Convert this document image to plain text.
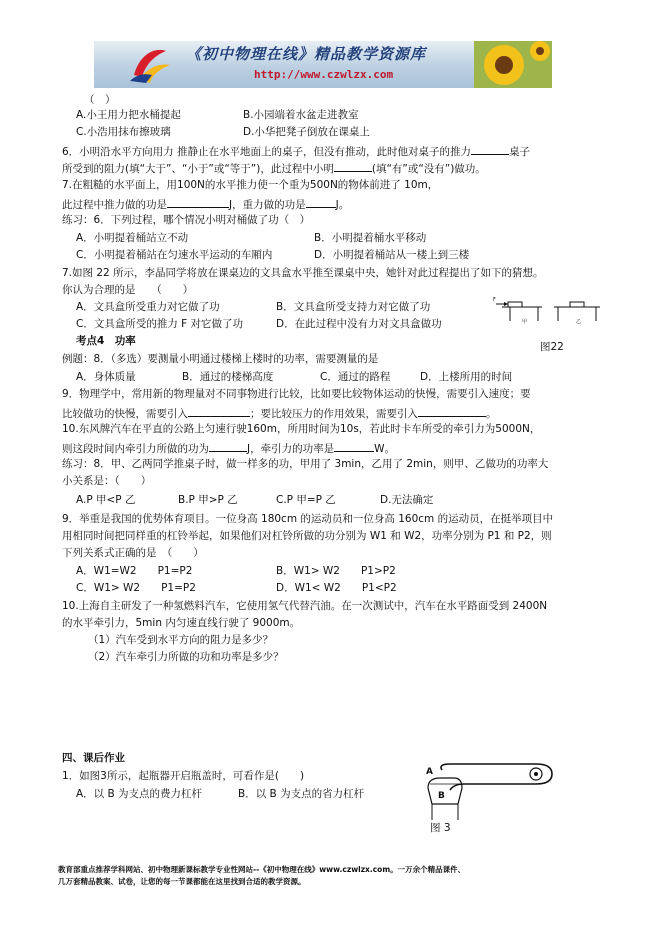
《初中物理在线》精品教学资源库
http://www.czwlzx.com
（　）
A.小王用力把水桶提起	B.小园端着水盆走进教室
C.小浩用抹布擦玻璃	D.小华把凳子倒放在课桌上
6．小明沿水平方向用力 推静止在水平地面上的桌子，但没有推动，此时他对桌子的推力	桌子
所受到的阻力(填“大于”、“小于”或“等于”)，此过程中小明	(填“有”或“没有”)做功。
7.在粗糙的水平面上，用100N的水平推力使一个重为500N的物体前进了 10m，
此过程中推力做的功是	J，重力做的功是	J。
练习：6．下列过程，哪个情况小明对桶做了功（　）
A．小明提着桶站立不动	B．小明提着桶水平移动
C．小明提着桶站在匀速水平运动的车厢内	D．小明提着桶站从一楼上到三楼
7.如图 22 所示，李晶同学将放在课桌边的文具盒水平推至课桌中央，她针对此过程提出了如下的猜想。
你认为合理的是　　（　　）
A．文具盒所受重力对它做了功	B．文具盒所受支持力对它做了功
C．文具盒所受的推力 F 对它做了功	D．在此过程中没有力对文具盒做功
F
甲	乙
考点4　功率	图22
例题：8．（多选）要测量小明通过楼梯上楼时的功率，需要测量的是
A．身体质量	B．通过的楼梯高度	C．通过的路程	D．上楼所用的时间
9．物理学中，常用新的物理量对不同事物进行比较，比如要比较物体运动的快慢，需要引入速度；要
比较做功的快慢，需要引入	；要比较压力的作用效果，需要引入	。
10.东风牌汽车在平直的公路上匀速行驶160m，所用时间为10s，若此时卡车所受的牵引力为5000N，
则这段时间内牵引力所做的功为	J，牵引力的功率是	W。
练习：8．甲、乙两同学推桌子时，做一样多的功，甲用了 3min，乙用了 2min，则甲、乙做功的功率大
小关系是：（　　）
A.P 甲<P 乙	B.P 甲>P 乙	C.P 甲=P 乙	D.无法确定
9．举重是我国的优势体育项目。一位身高 180cm 的运动员和一位身高 160cm 的运动员，在挺举项目中
用相同时间把同样重的杠铃举起，如果他们对杠铃所做的功分别为 W1 和 W2，功率分别为 P1 和 P2，则
下列关系式正确的是　（　　）
A．W1=W2　　P1=P2	B．W1> W2　　P1>P2
C．W1> W2　　P1=P2	D．W1< W2　　P1<P2
10.上海自主研发了一种氢燃料汽车，它使用氢气代替汽油。在一次测试中，汽车在水平路面受到 2400N
的水平牵引力，5min 内匀速直线行驶了 9000m。
（1）汽车受到水平方向的阻力是多少？
（2）汽车牵引力所做的功和功率是多少？
四、课后作业
1．如图3所示，起瓶器开启瓶盖时，可看作是(　　)
A．以 B 为支点的费力杠杆	B．以 B 为支点的省力杠杆
A
B
图 3
教育部重点推荐学科网站、初中物理新课标教学专业性网站--《初中物理在线》www.czwlzx.com。一万余个精品课件、
几万套精品教案、试卷，让您的每一节课都能在这里找到合适的教学资源。
